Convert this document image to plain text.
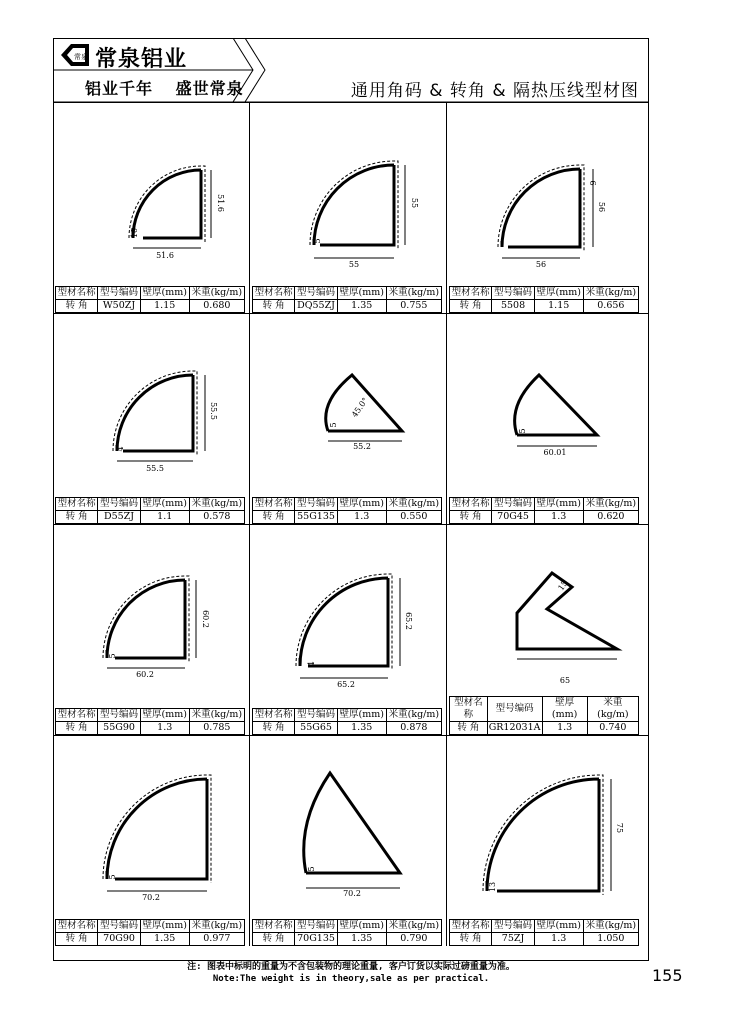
常泉 常泉铝业
铝业千年 盛世常泉	通用角码 & 转角 & 隔热压线型材图
51.6
51.6
10
型材名称	型号编码	壁厚(mm)	米重(kg/m)
转 角	W50ZJ	1.15	0.680
55
55
5
型材名称	型号编码	壁厚(mm)	米重(kg/m)
转 角	DQ55ZJ	1.35	0.755
56
56
6
型材名称	型号编码	壁厚(mm)	米重(kg/m)
转 角	5508	1.15	0.656
55.5
55.5
4
型材名称	型号编码	壁厚(mm)	米重(kg/m)
转 角	D55ZJ	1.1	0.578
55.2
45.0°
5
型材名称	型号编码	壁厚(mm)	米重(kg/m)
转 角	55G135	1.3	0.550
60.01
5
型材名称	型号编码	壁厚(mm)	米重(kg/m)
转 角	70G45	1.3	0.620
60.2
60.2
5
型材名称	型号编码	壁厚(mm)	米重(kg/m)
转 角	55G90	1.3	0.785
65.2
65.2
4
型材名称	型号编码	壁厚(mm)	米重(kg/m)
转 角	55G65	1.35	0.878
65
15
型材名称	型号编码	壁厚(mm)	米重(kg/m)
转 角	GR12031A	1.3	0.740
70.2
5
型材名称	型号编码	壁厚(mm)	米重(kg/m)
转 角	70G90	1.35	0.977
70.2
5
型材名称	型号编码	壁厚(mm)	米重(kg/m)
转 角	70G135	1.35	0.790
75
13
型材名称	型号编码	壁厚(mm)	米重(kg/m)
转 角	75ZJ	1.3	1.050
注: 图表中标明的重量为不含包装物的理论重量, 客户订货以实际过磅重量为准。
Note:The weight is in theory,sale as per practical.	155
